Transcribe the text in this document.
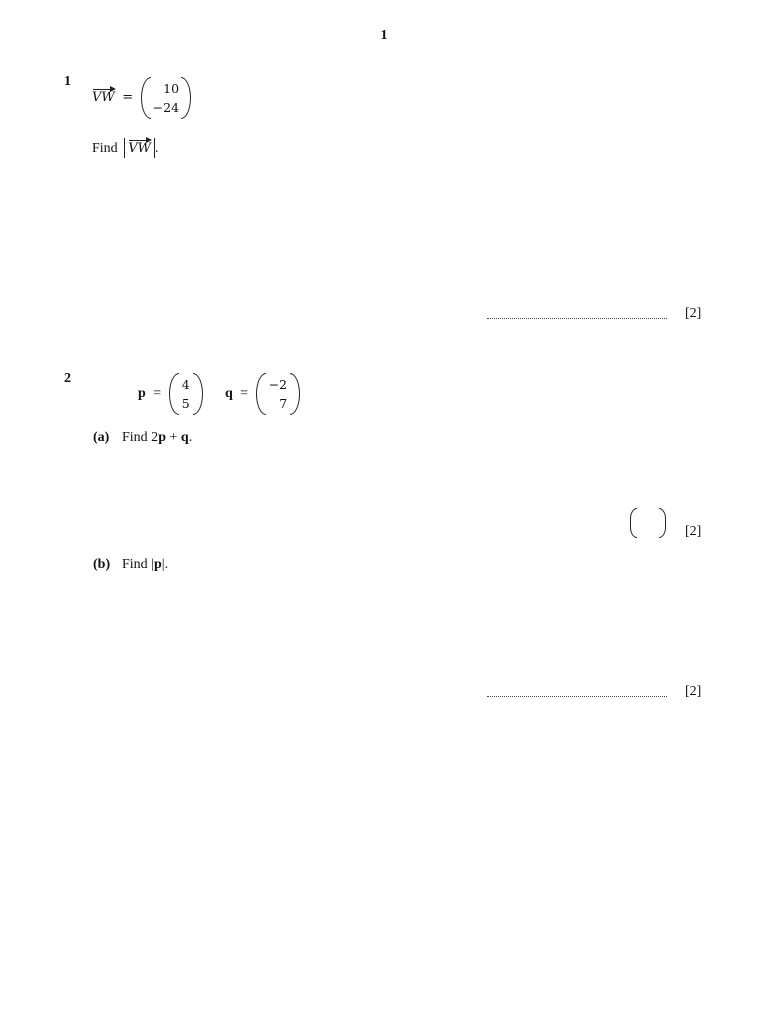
1
1
VW =
10
−24
Find VW .
[2]
2
p =
4
5
q =
−2
7
(a) Find 2p + q.
[2]
(b) Find |p|.
[2]
